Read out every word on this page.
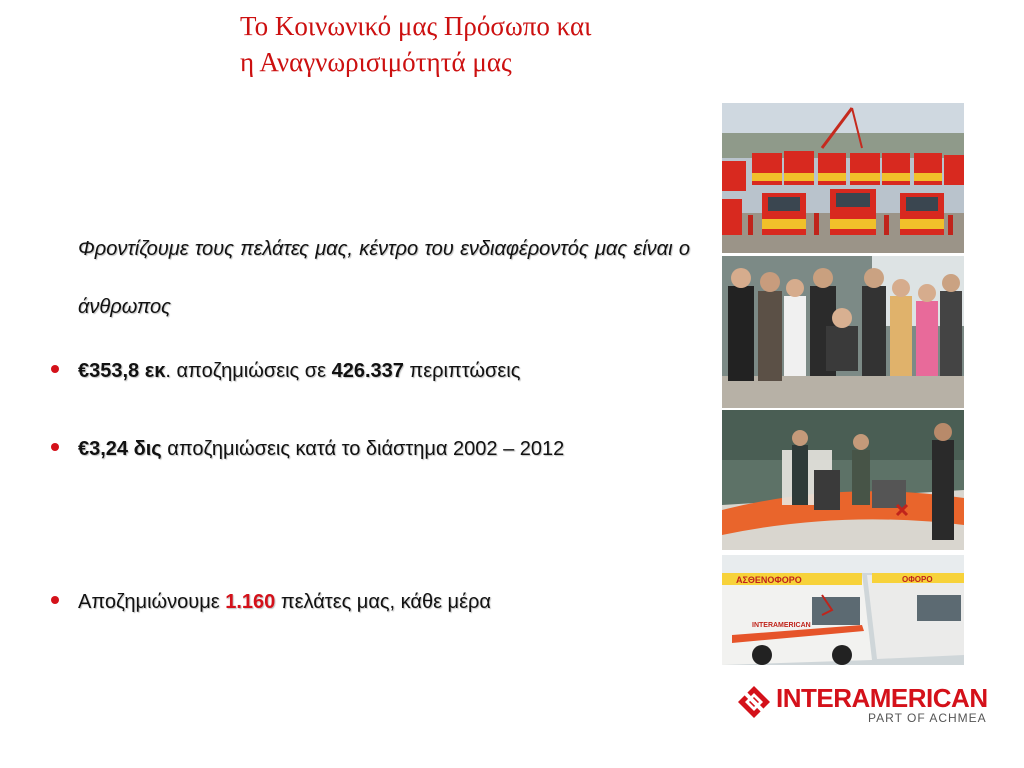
Το Κοινωνικό μας Πρόσωπο και
η Αναγνωρισιμότητά μας
Φροντίζουμε τους πελάτες μας, κέντρο του ενδιαφέροντός μας είναι ο άνθρωπος
€353,8 εκ. αποζημιώσεις σε 426.337 περιπτώσεις
€3,24 δις αποζημιώσεις κατά το διάστημα 2002 – 2012
Αποζημιώνουμε 1.160 πελάτες μας, κάθε μέρα
ΑΣΘΕΝΟΦΟΡΟ	ΟΦΟΡΟ
INTERAMERICAN
INTERAMERICAN
PART OF ACHMEA
